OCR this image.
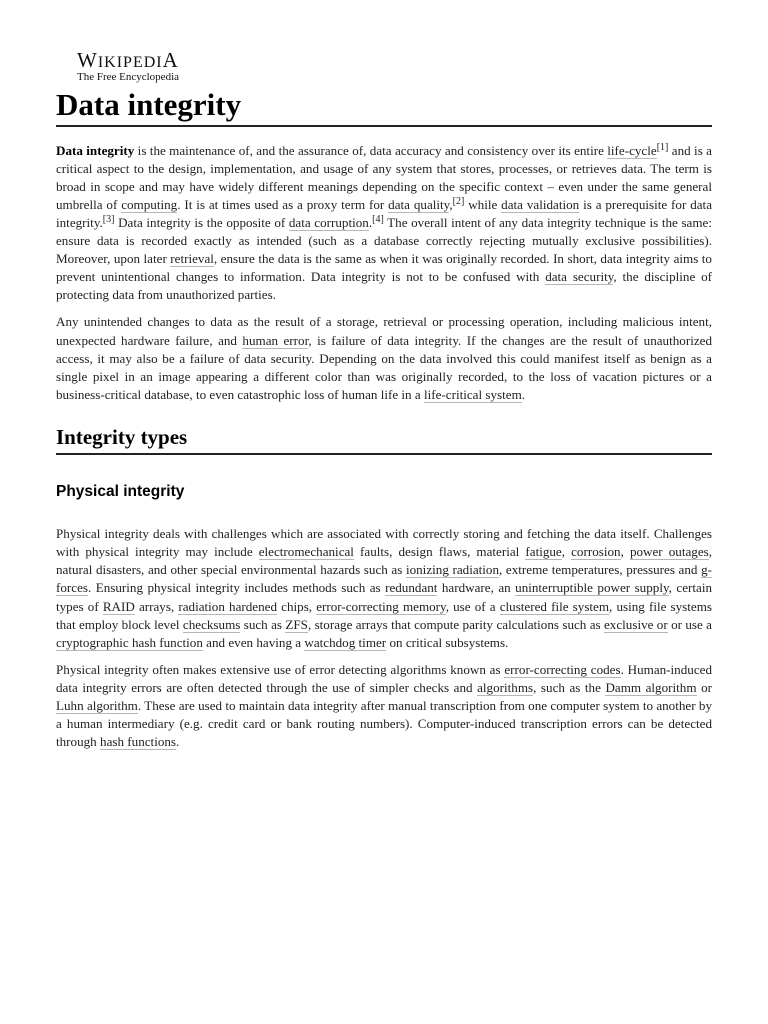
WIKIPEDIA
The Free Encyclopedia
Data integrity

Data integrity is the maintenance of, and the assurance of, data accuracy and consistency over its entire life-cycle[1] and is a critical aspect to the design, implementation, and usage of any system that stores, processes, or retrieves data. The term is broad in scope and may have widely different meanings depending on the specific context – even under the same general umbrella of computing. It is at times used as a proxy term for data quality,[2] while data validation is a prerequisite for data integrity.[3] Data integrity is the opposite of data corruption.[4] The overall intent of any data integrity technique is the same: ensure data is recorded exactly as intended (such as a database correctly rejecting mutually exclusive possibilities). Moreover, upon later retrieval, ensure the data is the same as when it was originally recorded. In short, data integrity aims to prevent unintentional changes to information. Data integrity is not to be confused with data security, the discipline of protecting data from unauthorized parties.

Any unintended changes to data as the result of a storage, retrieval or processing operation, including malicious intent, unexpected hardware failure, and human error, is failure of data integrity. If the changes are the result of unauthorized access, it may also be a failure of data security. Depending on the data involved this could manifest itself as benign as a single pixel in an image appearing a different color than was originally recorded, to the loss of vacation pictures or a business-critical database, to even catastrophic loss of human life in a life-critical system.

Integrity types
Physical integrity

Physical integrity deals with challenges which are associated with correctly storing and fetching the data itself. Challenges with physical integrity may include electromechanical faults, design flaws, material fatigue, corrosion, power outages, natural disasters, and other special environmental hazards such as ionizing radiation, extreme temperatures, pressures and g-forces. Ensuring physical integrity includes methods such as redundant hardware, an uninterruptible power supply, certain types of RAID arrays, radiation hardened chips, error-correcting memory, use of a clustered file system, using file systems that employ block level checksums such as ZFS, storage arrays that compute parity calculations such as exclusive or or use a cryptographic hash function and even having a watchdog timer on critical subsystems.

Physical integrity often makes extensive use of error detecting algorithms known as error-correcting codes. Human-induced data integrity errors are often detected through the use of simpler checks and algorithms, such as the Damm algorithm or Luhn algorithm. These are used to maintain data integrity after manual transcription from one computer system to another by a human intermediary (e.g. credit card or bank routing numbers). Computer-induced transcription errors can be detected through hash functions.
